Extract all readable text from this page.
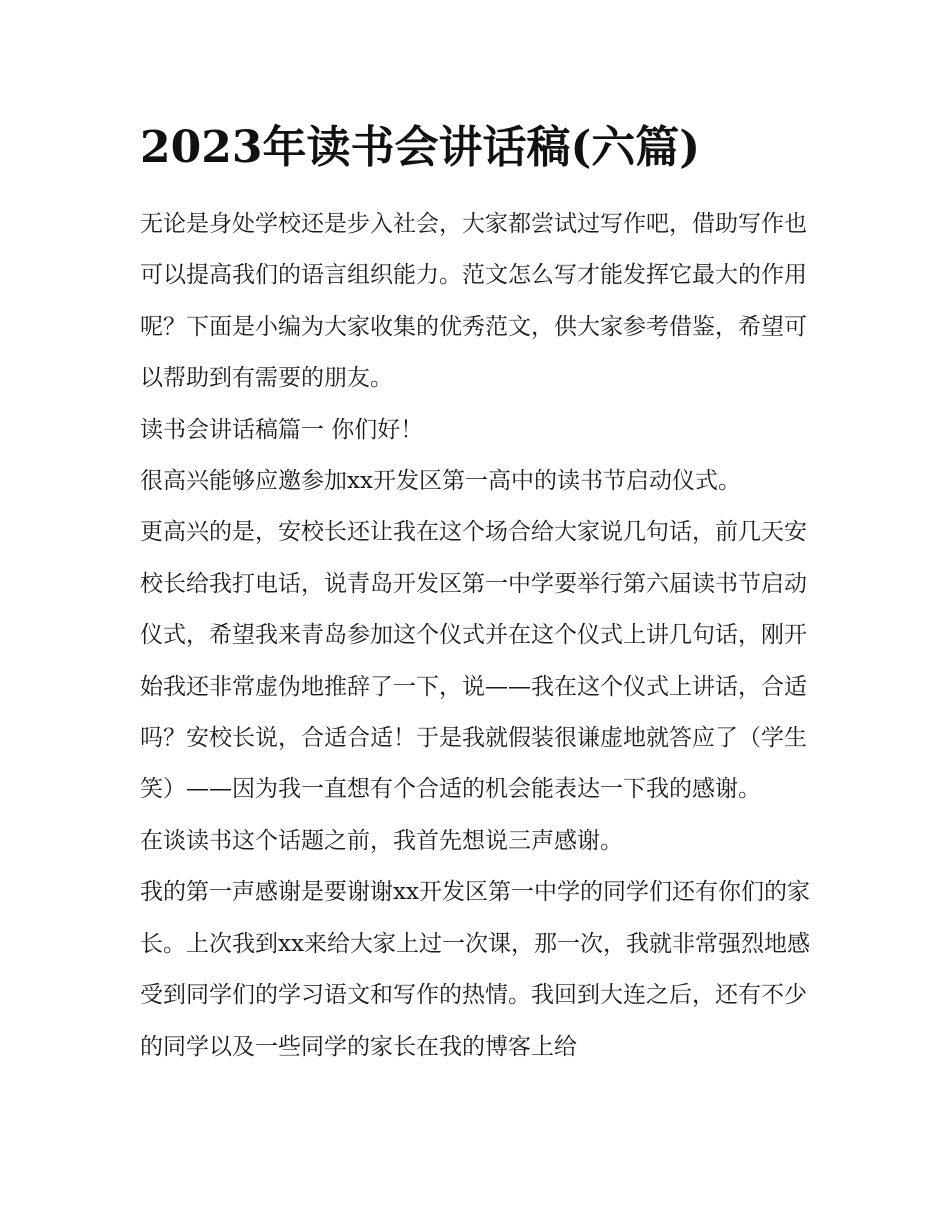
2023年读书会讲话稿(六篇)

无论是身处学校还是步入社会，大家都尝试过写作吧，借助写作也可以提高我们的语言组织能力。范文怎么写才能发挥它最大的作用呢？下面是小编为大家收集的优秀范文，供大家参考借鉴，希望可以帮助到有需要的朋友。

读书会讲话稿篇一 你们好！

很高兴能够应邀参加xx开发区第一高中的读书节启动仪式。

更高兴的是，安校长还让我在这个场合给大家说几句话，前几天安校长给我打电话，说青岛开发区第一中学要举行第六届读书节启动仪式，希望我来青岛参加这个仪式并在这个仪式上讲几句话，刚开始我还非常虚伪地推辞了一下，说——我在这个仪式上讲话，合适吗？安校长说，合适合适！于是我就假装很谦虚地就答应了（学生笑）——因为我一直想有个合适的机会能表达一下我的感谢。

在谈读书这个话题之前，我首先想说三声感谢。

我的第一声感谢是要谢谢xx开发区第一中学的同学们还有你们的家长。上次我到xx来给大家上过一次课，那一次，我就非常强烈地感受到同学们的学习语文和写作的热情。我回到大连之后，还有不少的同学以及一些同学的家长在我的博客上给
